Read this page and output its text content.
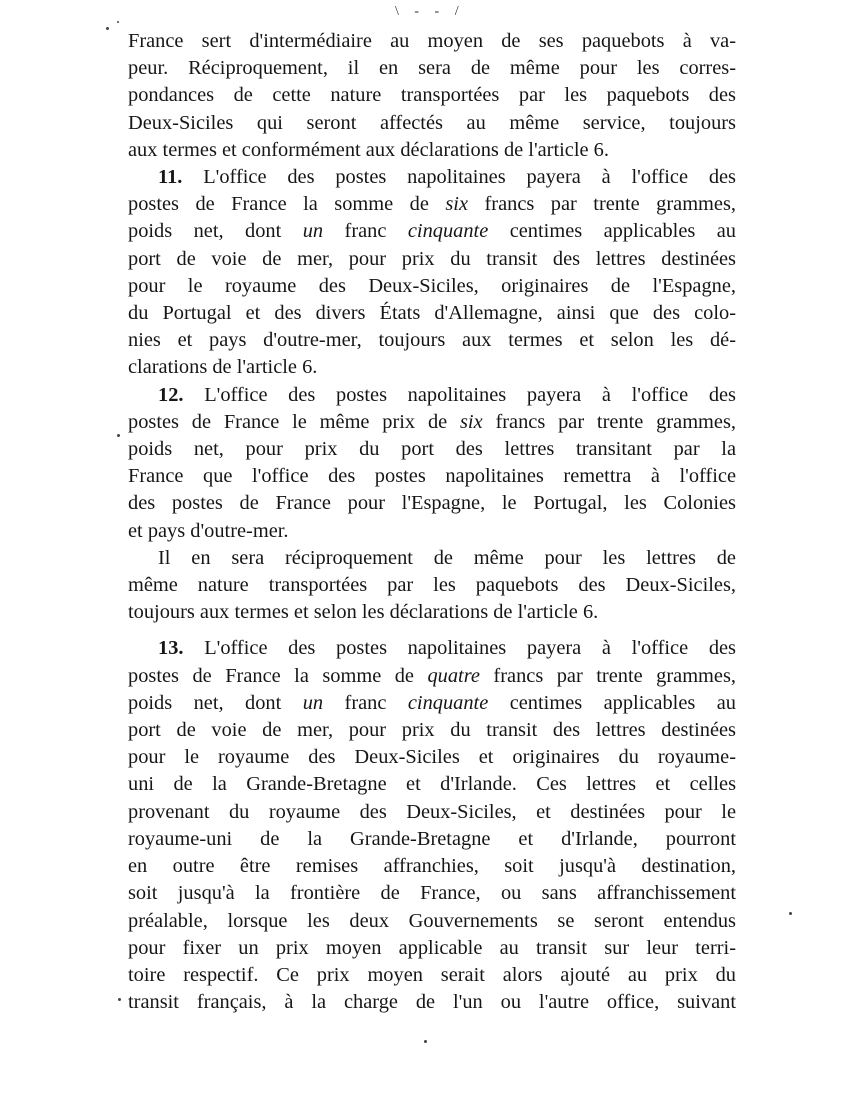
\ - - /

France sert d'intermédiaire au moyen de ses paquebots à va-

peur. Réciproquement, il en sera de même pour les corres-

pondances de cette nature transportées par les paquebots des

Deux-Siciles qui seront affectés au même service, toujours

aux termes et conformément aux déclarations de l'article 6.

11. L'office des postes napolitaines payera à l'office des

postes de France la somme de six francs par trente grammes,

poids net, dont un franc cinquante centimes applicables au

port de voie de mer, pour prix du transit des lettres destinées

pour le royaume des Deux-Siciles, originaires de l'Espagne,

du Portugal et des divers États d'Allemagne, ainsi que des colo-

nies et pays d'outre-mer, toujours aux termes et selon les dé-

clarations de l'article 6.

12. L'office des postes napolitaines payera à l'office des

postes de France le même prix de six francs par trente grammes,

poids net, pour prix du port des lettres transitant par la

France que l'office des postes napolitaines remettra à l'office

des postes de France pour l'Espagne, le Portugal, les Colonies

et pays d'outre-mer.

Il en sera réciproquement de même pour les lettres de

même nature transportées par les paquebots des Deux-Siciles,

toujours aux termes et selon les déclarations de l'article 6.

13. L'office des postes napolitaines payera à l'office des

postes de France la somme de quatre francs par trente grammes,

poids net, dont un franc cinquante centimes applicables au

port de voie de mer, pour prix du transit des lettres destinées

pour le royaume des Deux-Siciles et originaires du royaume-

uni de la Grande-Bretagne et d'Irlande. Ces lettres et celles

provenant du royaume des Deux-Siciles, et destinées pour le

royaume-uni de la Grande-Bretagne et d'Irlande, pourront

en outre être remises affranchies, soit jusqu'à destination,

soit jusqu'à la frontière de France, ou sans affranchissement

préalable, lorsque les deux Gouvernements se seront entendus

pour fixer un prix moyen applicable au transit sur leur terri-

toire respectif. Ce prix moyen serait alors ajouté au prix du

transit français, à la charge de l'un ou l'autre office, suivant
